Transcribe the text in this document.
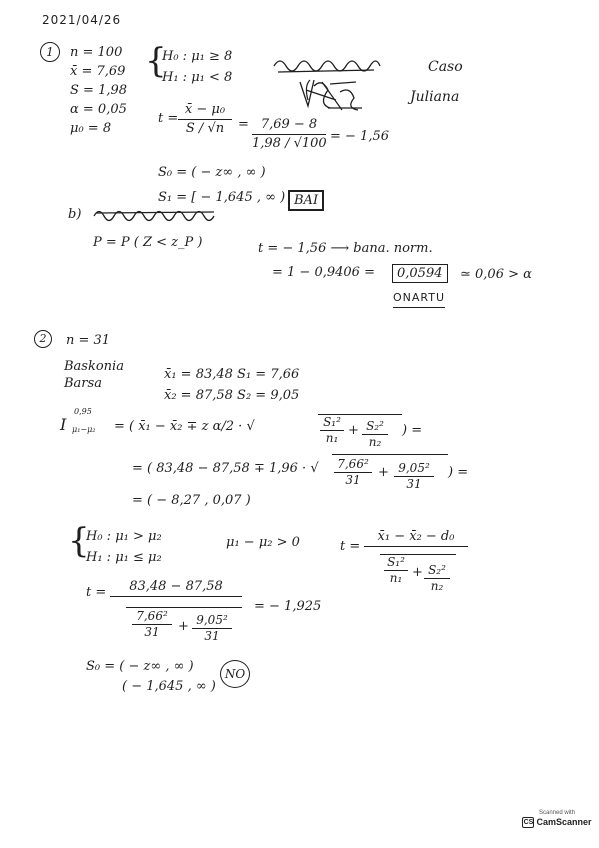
2021/04/26
1	n = 100
x̄ = 7,69
S = 1,98
α = 0,05
μ₀ = 8
{
H₀ : μ₁ ≥ 8
H₁ : μ₁ < 8
Caso
Juliana
t =
x̄ − μ₀
S / √n	= 7,69 − 8
1,98 / √100 = − 1,56
S₀ = ( − z∞ , ∞ )
S₁ = [ − 1,645 , ∞ ) BAI
b)
P = P ( Z < z_P )	t = − 1,56 ⟶ bana. norm.
= 1 − 0,9406 =	0,0594	≃ 0,06 > α
ONARTU
2	n = 31
Baskonia
Barsa
x̄₁ = 83,48 S₁ = 7,66
x̄₂ = 87,58 S₂ = 9,05
I
0,95
μ₁−μ₂ = ( x̄₁ − x̄₂ ∓ z α/2 · √	S₁²
n₁
+ S₂²
n₂
) =
= ( 83,48 − 87,58 ∓ 1,96 · √ 7,66²
31
+ 9,05²
31
) =
= ( − 8,27 , 0,07 )
{
H₀ : μ₁ > μ₂
H₁ : μ₁ ≤ μ₂
μ₁ − μ₂ > 0	t =
x̄₁ − x̄₂ − d₀
S₁²
n₁ + S₂²
n₂
t =	83,48 − 87,58
7,66²
31	+ 9,05²
31
= − 1,925
S₀ = ( − z∞ , ∞ )
( − 1,645 , ∞ )
NO
Scanned with
CS CamScanner
